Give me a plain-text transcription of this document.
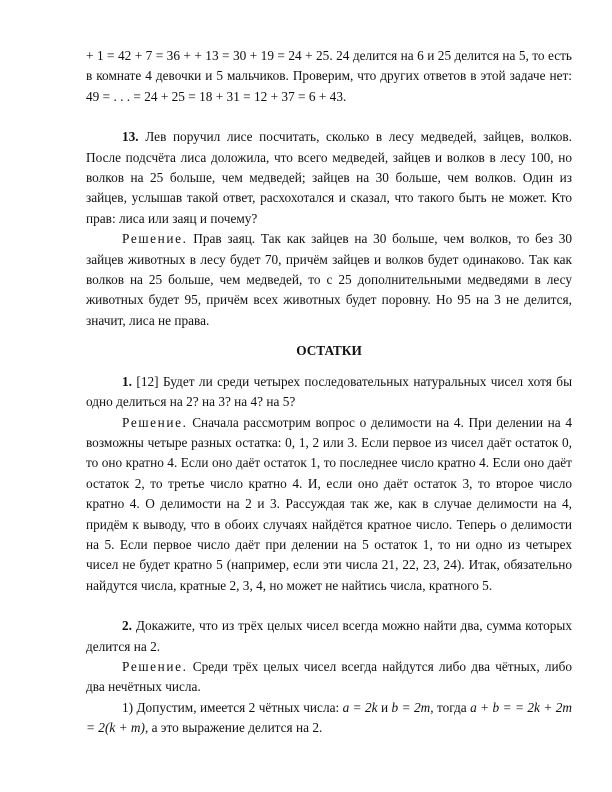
+ 1 = 42 + 7 = 36 + + 13 = 30 + 19 = 24 + 25. 24 делится на 6 и 25 делится на 5, то есть в комнате 4 девочки и 5 мальчиков. Проверим, что других ответов в этой задаче нет: 49 = . . . = 24 + 25 = 18 + 31 = 12 + 37 = 6 + 43.

13. Лев поручил лисе посчитать, сколько в лесу медведей, зайцев, волков. После подсчёта лиса доложила, что всего медведей, зайцев и волков в лесу 100, но волков на 25 больше, чем медведей; зайцев на 30 больше, чем волков. Один из зайцев, услышав такой ответ, расхохотался и сказал, что такого быть не может. Кто прав: лиса или заяц и почему?

Решение. Прав заяц. Так как зайцев на 30 больше, чем волков, то без 30 зайцев животных в лесу будет 70, причём зайцев и волков будет одинаково. Так как волков на 25 больше, чем медведей, то с 25 дополнительными медведями в лесу животных будет 95, причём всех животных будет поровну. Но 95 на 3 не делится, значит, лиса не права.

ОСТАТКИ

1. [12] Будет ли среди четырех последовательных натуральных чисел хотя бы одно делиться на 2? на 3? на 4? на 5?

Решение. Сначала рассмотрим вопрос о делимости на 4. При делении на 4 возможны четыре разных остатка: 0, 1, 2 или 3. Если первое из чисел даёт остаток 0, то оно кратно 4. Если оно даёт остаток 1, то последнее число кратно 4. Если оно даёт остаток 2, то третье число кратно 4. И, если оно даёт остаток 3, то второе число кратно 4. О делимости на 2 и 3. Рассуждая так же, как в случае делимости на 4, придём к выводу, что в обоих случаях найдётся кратное число. Теперь о делимости на 5. Если первое число даёт при делении на 5 остаток 1, то ни одно из четырех чисел не будет кратно 5 (например, если эти числа 21, 22, 23, 24). Итак, обязательно найдутся числа, кратные 2, 3, 4, но может не найтись числа, кратного 5.

2. Докажите, что из трёх целых чисел всегда можно найти два, сумма которых делится на 2.

Решение. Среди трёх целых чисел всегда найдутся либо два чётных, либо два нечётных числа.

1) Допустим, имеется 2 чётных числа: a = 2k и b = 2m, тогда a + b = = 2k + 2m = 2(k + m), а это выражение делится на 2.
